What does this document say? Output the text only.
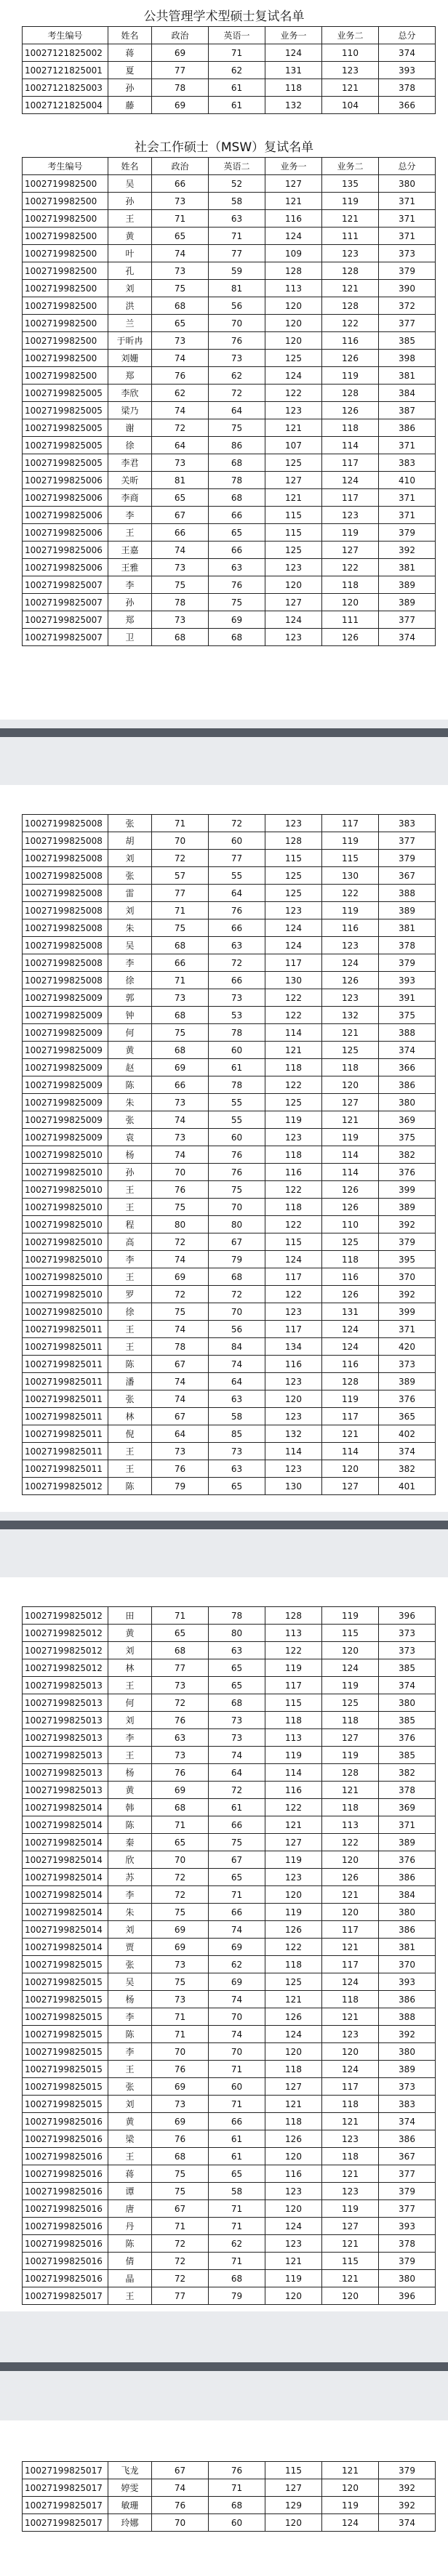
公共管理学术型硕士复试名单
考生编号	姓名	政治	英语一	业务一	业务二	总分
10027121825002	蒋	69	71	124	110	374
10027121825001	夏	77	62	131	123	393
10027121825003	孙	78	61	118	121	378
10027121825004	藤	69	61	132	104	366
社会工作硕士（MSW）复试名单
考生编号	姓名	政治	英语二	业务一	业务二	总分
1002719982500	吴	66	52	127	135	380
1002719982500	孙	73	58	121	119	371
1002719982500	王	71	63	116	121	371
1002719982500	黄	65	71	124	111	371
1002719982500	叶	74	77	109	123	373
1002719982500	孔	73	59	128	128	379
1002719982500	刘	75	81	113	121	390
1002719982500	洪	68	56	120	128	372
1002719982500	兰	65	70	120	122	377
1002719982500	于昕冉	73	76	120	116	385
1002719982500	刘姗	74	73	125	126	398
1002719982500	郑	76	62	124	119	381
10027199825005	李欣	62	72	122	128	384
10027199825005	梁乃	74	64	123	126	387
10027199825005	谢	72	75	121	118	386
10027199825005	徐	64	86	107	114	371
10027199825005	李君	73	68	125	117	383
10027199825006	关昕	81	78	127	124	410
10027199825006	李商	65	68	121	117	371
10027199825006	李	67	66	115	123	371
10027199825006	王	66	65	115	119	379
10027199825006	王嘉	74	66	125	127	392
10027199825006	王雅	73	63	123	122	381
10027199825007	李	75	76	120	118	389
10027199825007	孙	78	75	127	120	389
10027199825007	郑	73	69	124	111	377
10027199825007	卫	68	68	123	126	374
10027199825008	张	71	72	123	117	383
10027199825008	胡	70	60	128	119	377
10027199825008	刘	72	77	115	115	379
10027199825008	张	57	55	125	130	367
10027199825008	雷	77	64	125	122	388
10027199825008	刘	71	76	123	119	389
10027199825008	朱	75	66	124	116	381
10027199825008	吴	68	63	124	123	378
10027199825008	李	66	72	117	124	379
10027199825008	徐	71	66	130	126	393
10027199825009	郭	73	73	122	123	391
10027199825009	钟	68	53	122	132	375
10027199825009	何	75	78	114	121	388
10027199825009	黄	68	60	121	125	374
10027199825009	赵	69	61	118	118	366
10027199825009	陈	66	78	122	120	386
10027199825009	朱	73	55	125	127	380
10027199825009	张	74	55	119	121	369
10027199825009	袁	73	60	123	119	375
10027199825010	杨	74	76	118	114	382
10027199825010	孙	70	76	116	114	376
10027199825010	王	76	75	122	126	399
10027199825010	王	75	70	118	126	389
10027199825010	程	80	80	122	110	392
10027199825010	高	72	67	115	125	379
10027199825010	李	74	79	124	118	395
10027199825010	王	69	68	117	116	370
10027199825010	罗	72	72	122	126	392
10027199825010	徐	75	70	123	131	399
10027199825011	王	74	56	117	124	371
10027199825011	王	78	84	134	124	420
10027199825011	陈	67	74	116	116	373
10027199825011	潘	74	64	123	128	389
10027199825011	张	74	63	120	119	376
10027199825011	林	67	58	123	117	365
10027199825011	倪	64	85	132	121	402
10027199825011	王	73	73	114	114	374
10027199825011	王	76	63	123	120	382
10027199825012	陈	79	65	130	127	401
10027199825012	田	71	78	128	119	396
10027199825012	黄	65	80	113	115	373
10027199825012	刘	68	63	122	120	373
10027199825012	林	77	65	119	124	385
10027199825013	王	73	65	117	119	374
10027199825013	何	72	68	115	125	380
10027199825013	刘	76	73	118	118	385
10027199825013	李	63	73	113	127	376
10027199825013	王	73	74	119	119	385
10027199825013	杨	76	64	114	128	382
10027199825013	黄	69	72	116	121	378
10027199825014	韩	68	61	122	118	369
10027199825014	陈	71	66	121	113	371
10027199825014	秦	65	75	127	122	389
10027199825014	欣	70	67	119	120	376
10027199825014	苏	72	65	123	126	386
10027199825014	李	72	71	120	121	384
10027199825014	朱	75	66	119	120	380
10027199825014	刘	69	74	126	117	386
10027199825014	贾	69	69	122	121	381
10027199825015	张	73	62	118	117	370
10027199825015	吴	75	69	125	124	393
10027199825015	杨	73	74	121	118	386
10027199825015	李	71	70	126	121	388
10027199825015	陈	71	74	124	123	392
10027199825015	李	70	70	120	120	380
10027199825015	王	76	71	118	124	389
10027199825015	张	69	60	127	117	373
10027199825015	刘	73	71	121	118	383
10027199825016	黄	69	66	118	121	374
10027199825016	梁	76	61	126	123	386
10027199825016	王	68	61	120	118	367
10027199825016	蒋	75	65	116	121	377
10027199825016	谭	75	58	123	123	379
10027199825016	唐	67	71	120	119	377
10027199825016	丹	71	71	124	127	393
10027199825016	陈	72	62	123	121	378
10027199825016	倩	72	71	121	115	379
10027199825016	晶	72	68	119	121	380
10027199825017	王	77	79	120	120	396
10027199825017	飞龙	67	76	115	121	379
10027199825017	婷雯	74	71	127	120	392
10027199825017	敏珊	76	68	129	119	392
10027199825017	玲娜	70	60	120	124	374
